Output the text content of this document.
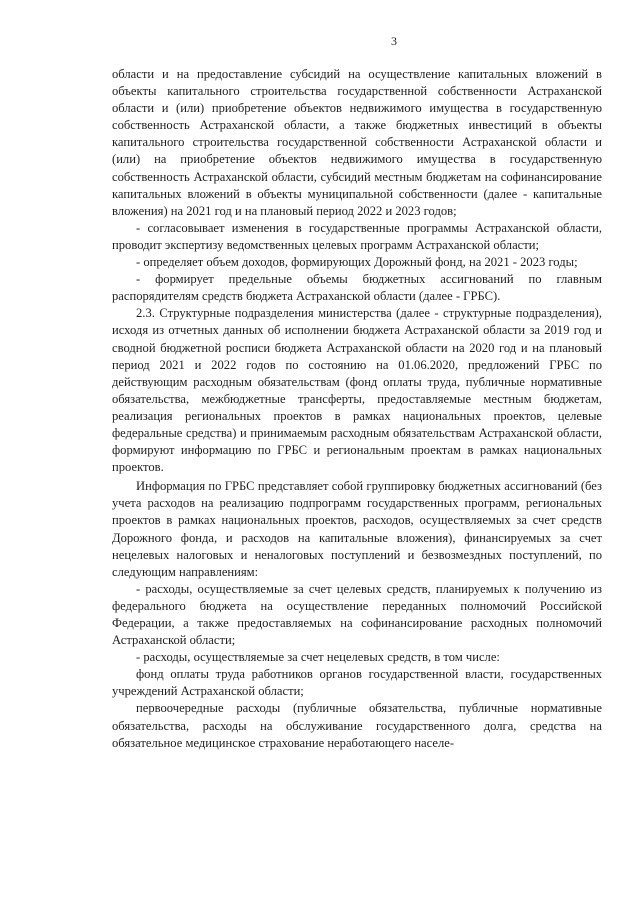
3

области и на предоставление субсидий на осуществление капитальных вложений в объекты капитального строительства государственной собственности Астраханской области и (или) приобретение объектов недвижимого имущества в государственную собственность Астраханской области, а также бюджетных инвестиций в объекты капитального строительства государственной собственности Астраханской области и (или) на приобретение объектов недвижимого имущества в государственную собственность Астраханской области, субсидий местным бюджетам на софинансирование капитальных вложений в объекты муниципальной собственности (далее - капитальные вложения) на 2021 год и на плановый период 2022 и 2023 годов;

- согласовывает изменения в государственные программы Астраханской области, проводит экспертизу ведомственных целевых программ Астраханской области;

- определяет объем доходов, формирующих Дорожный фонд, на 2021 - 2023 годы;

- формирует предельные объемы бюджетных ассигнований по главным распорядителям средств бюджета Астраханской области (далее - ГРБС).

2.3. Структурные подразделения министерства (далее - структурные подразделения), исходя из отчетных данных об исполнении бюджета Астраханской области за 2019 год и сводной бюджетной росписи бюджета Астраханской области на 2020 год и на плановый период 2021 и 2022 годов по состоянию на 01.06.2020, предложений ГРБС по действующим расходным обязательствам (фонд оплаты труда, публичные нормативные обязательства, межбюджетные трансферты, предоставляемые местным бюджетам, реализация региональных проектов в рамках национальных проектов, целевые федеральные средства) и принимаемым расходным обязательствам Астраханской области, формируют информацию по ГРБС и региональным проектам в рамках национальных проектов.

Информация по ГРБС представляет собой группировку бюджетных ассигнований (без учета расходов на реализацию подпрограмм государственных программ, региональных проектов в рамках национальных проектов, расходов, осуществляемых за счет средств Дорожного фонда, и расходов на капитальные вложения), финансируемых за счет нецелевых налоговых и неналоговых поступлений и безвозмездных поступлений, по следующим направлениям:

- расходы, осуществляемые за счет целевых средств, планируемых к получению из федерального бюджета на осуществление переданных полномочий Российской Федерации, а также предоставляемых на софинансирование расходных полномочий Астраханской области;

- расходы, осуществляемые за счет нецелевых средств, в том числе:

фонд оплаты труда работников органов государственной власти, государственных учреждений Астраханской области;

первоочередные расходы (публичные обязательства, публичные нормативные обязательства, расходы на обслуживание государственного долга, средства на обязательное медицинское страхование неработающего населе-
